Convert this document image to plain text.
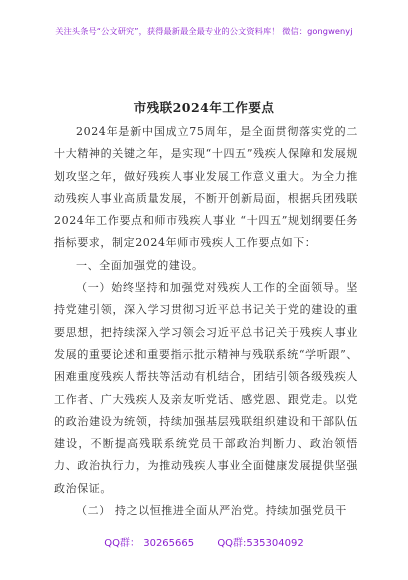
关注头条号“公文研究”，获得最新最全最专业的公文资料库！ 微信：gongwenyj
市残联2024年工作要点

2024年是新中国成立75周年，是全面贯彻落实党的二十大精神的关键之年，是实现“十四五”残疾人保障和发展规划攻坚之年，做好残疾人事业发展工作意义重大。为全力推动残疾人事业高质量发展，不断开创新局面，根据兵团残联2024年工作要点和师市残疾人事业 “十四五”规划纲要任务指标要求，制定2024年师市残疾人工作要点如下：

一、全面加强党的建设。

（一）始终坚持和加强党对残疾人工作的全面领导。坚持党建引领，深入学习贯彻习近平总书记关于党的建设的重要思想，把持续深入学习领会习近平总书记关于残疾人事业发展的重要论述和重要指示批示精神与残联系统“学听跟”、困难重度残疾人帮扶等活动有机结合，团结引领各级残疾人工作者、广大残疾人及亲友听党话、感党恩、跟党走。以党的政治建设为统领，持续加强基层残联组织建设和干部队伍建设，不断提高残联系统党员干部政治判断力、政治领悟力、政治执行力，为推动残疾人事业全面健康发展提供坚强政治保证。

（二） 持之以恒推进全面从严治党。持续加强党员干

QQ群： 30265665 QQ群:535304092
